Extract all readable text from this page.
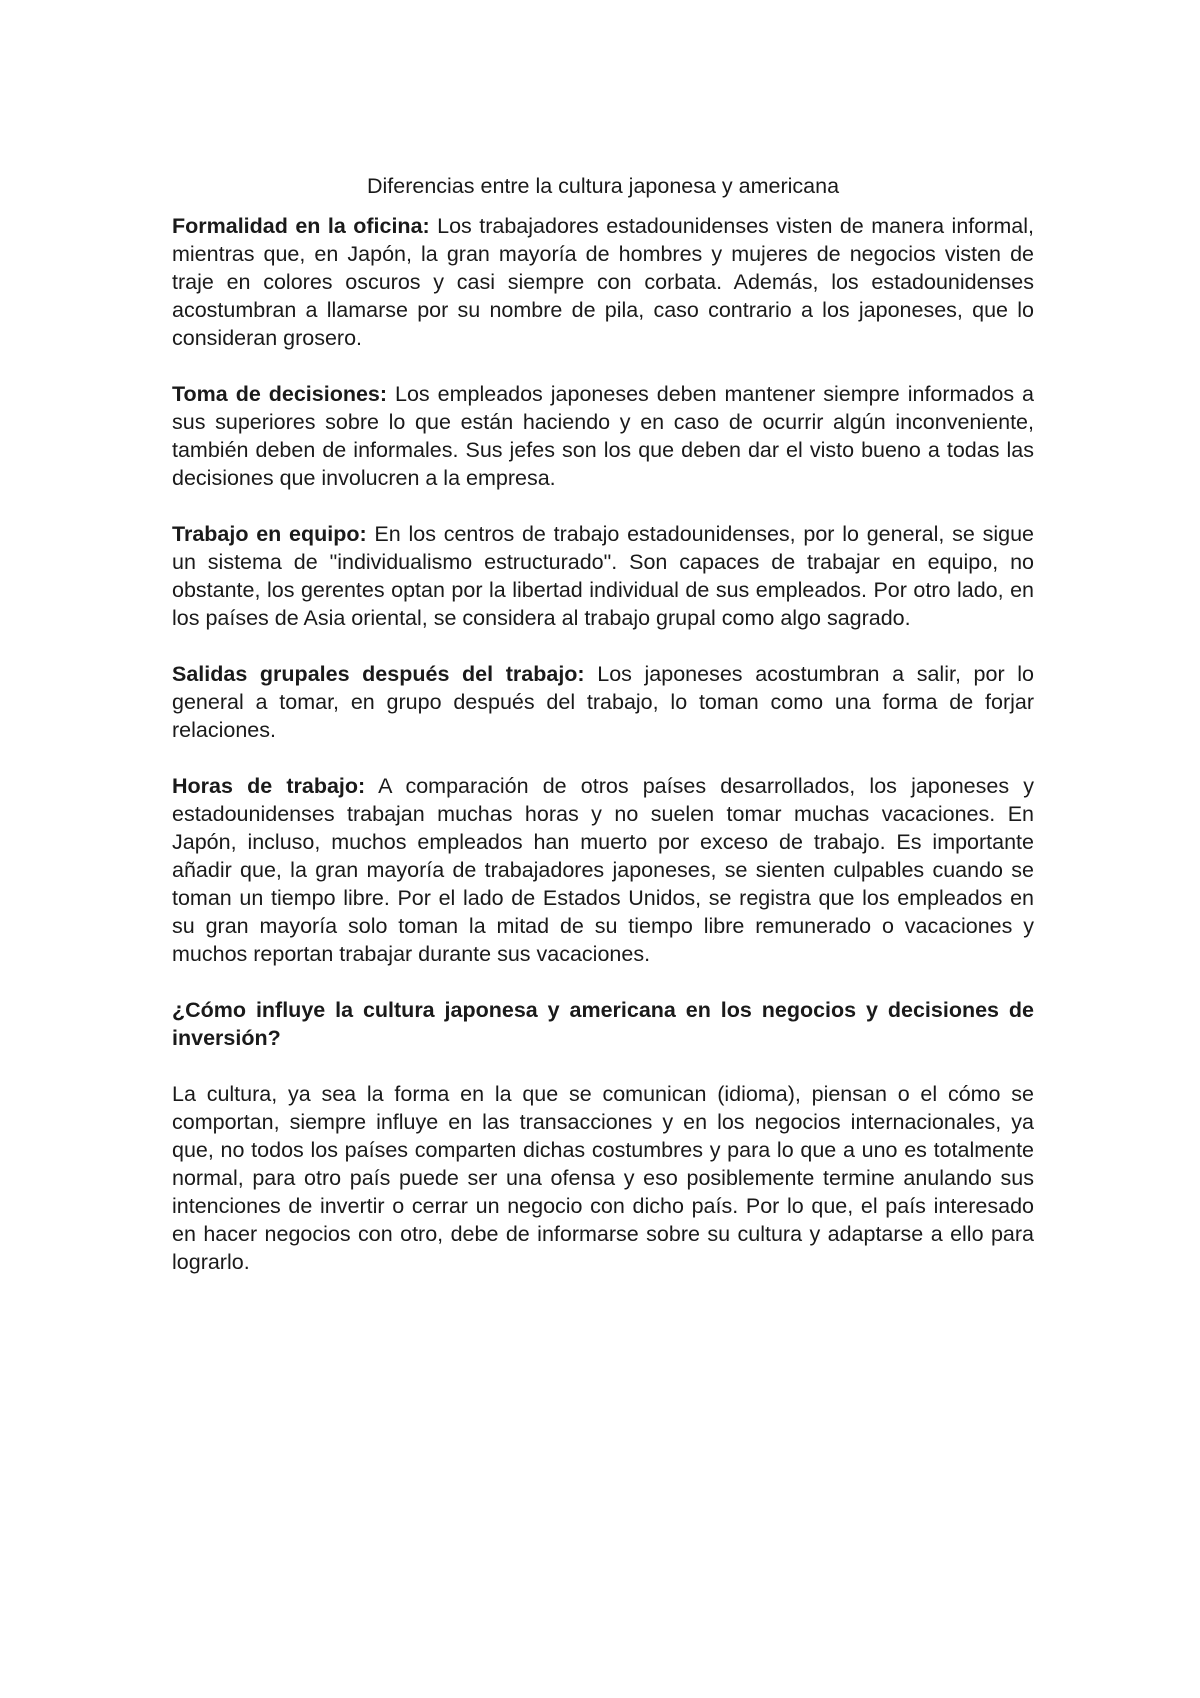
Diferencias entre la cultura japonesa y americana

Formalidad en la oficina: Los trabajadores estadounidenses visten de manera informal, mientras que, en Japón, la gran mayoría de hombres y mujeres de negocios visten de traje en colores oscuros y casi siempre con corbata. Además, los estadounidenses acostumbran a llamarse por su nombre de pila, caso contrario a los japoneses, que lo consideran grosero.

Toma de decisiones: Los empleados japoneses deben mantener siempre informados a sus superiores sobre lo que están haciendo y en caso de ocurrir algún inconveniente, también deben de informales. Sus jefes son los que deben dar el visto bueno a todas las decisiones que involucren a la empresa.

Trabajo en equipo: En los centros de trabajo estadounidenses, por lo general, se sigue un sistema de "individualismo estructurado". Son capaces de trabajar en equipo, no obstante, los gerentes optan por la libertad individual de sus empleados. Por otro lado, en los países de Asia oriental, se considera al trabajo grupal como algo sagrado.

Salidas grupales después del trabajo: Los japoneses acostumbran a salir, por lo general a tomar, en grupo después del trabajo, lo toman como una forma de forjar relaciones.

Horas de trabajo: A comparación de otros países desarrollados, los japoneses y estadounidenses trabajan muchas horas y no suelen tomar muchas vacaciones. En Japón, incluso, muchos empleados han muerto por exceso de trabajo. Es importante añadir que, la gran mayoría de trabajadores japoneses, se sienten culpables cuando se toman un tiempo libre. Por el lado de Estados Unidos, se registra que los empleados en su gran mayoría solo toman la mitad de su tiempo libre remunerado o vacaciones y muchos reportan trabajar durante sus vacaciones.

¿Cómo influye la cultura japonesa y americana en los negocios y decisiones de inversión?

La cultura, ya sea la forma en la que se comunican (idioma), piensan o el cómo se comportan, siempre influye en las transacciones y en los negocios internacionales, ya que, no todos los países comparten dichas costumbres y para lo que a uno es totalmente normal, para otro país puede ser una ofensa y eso posiblemente termine anulando sus intenciones de invertir o cerrar un negocio con dicho país. Por lo que, el país interesado en hacer negocios con otro, debe de informarse sobre su cultura y adaptarse a ello para lograrlo.
